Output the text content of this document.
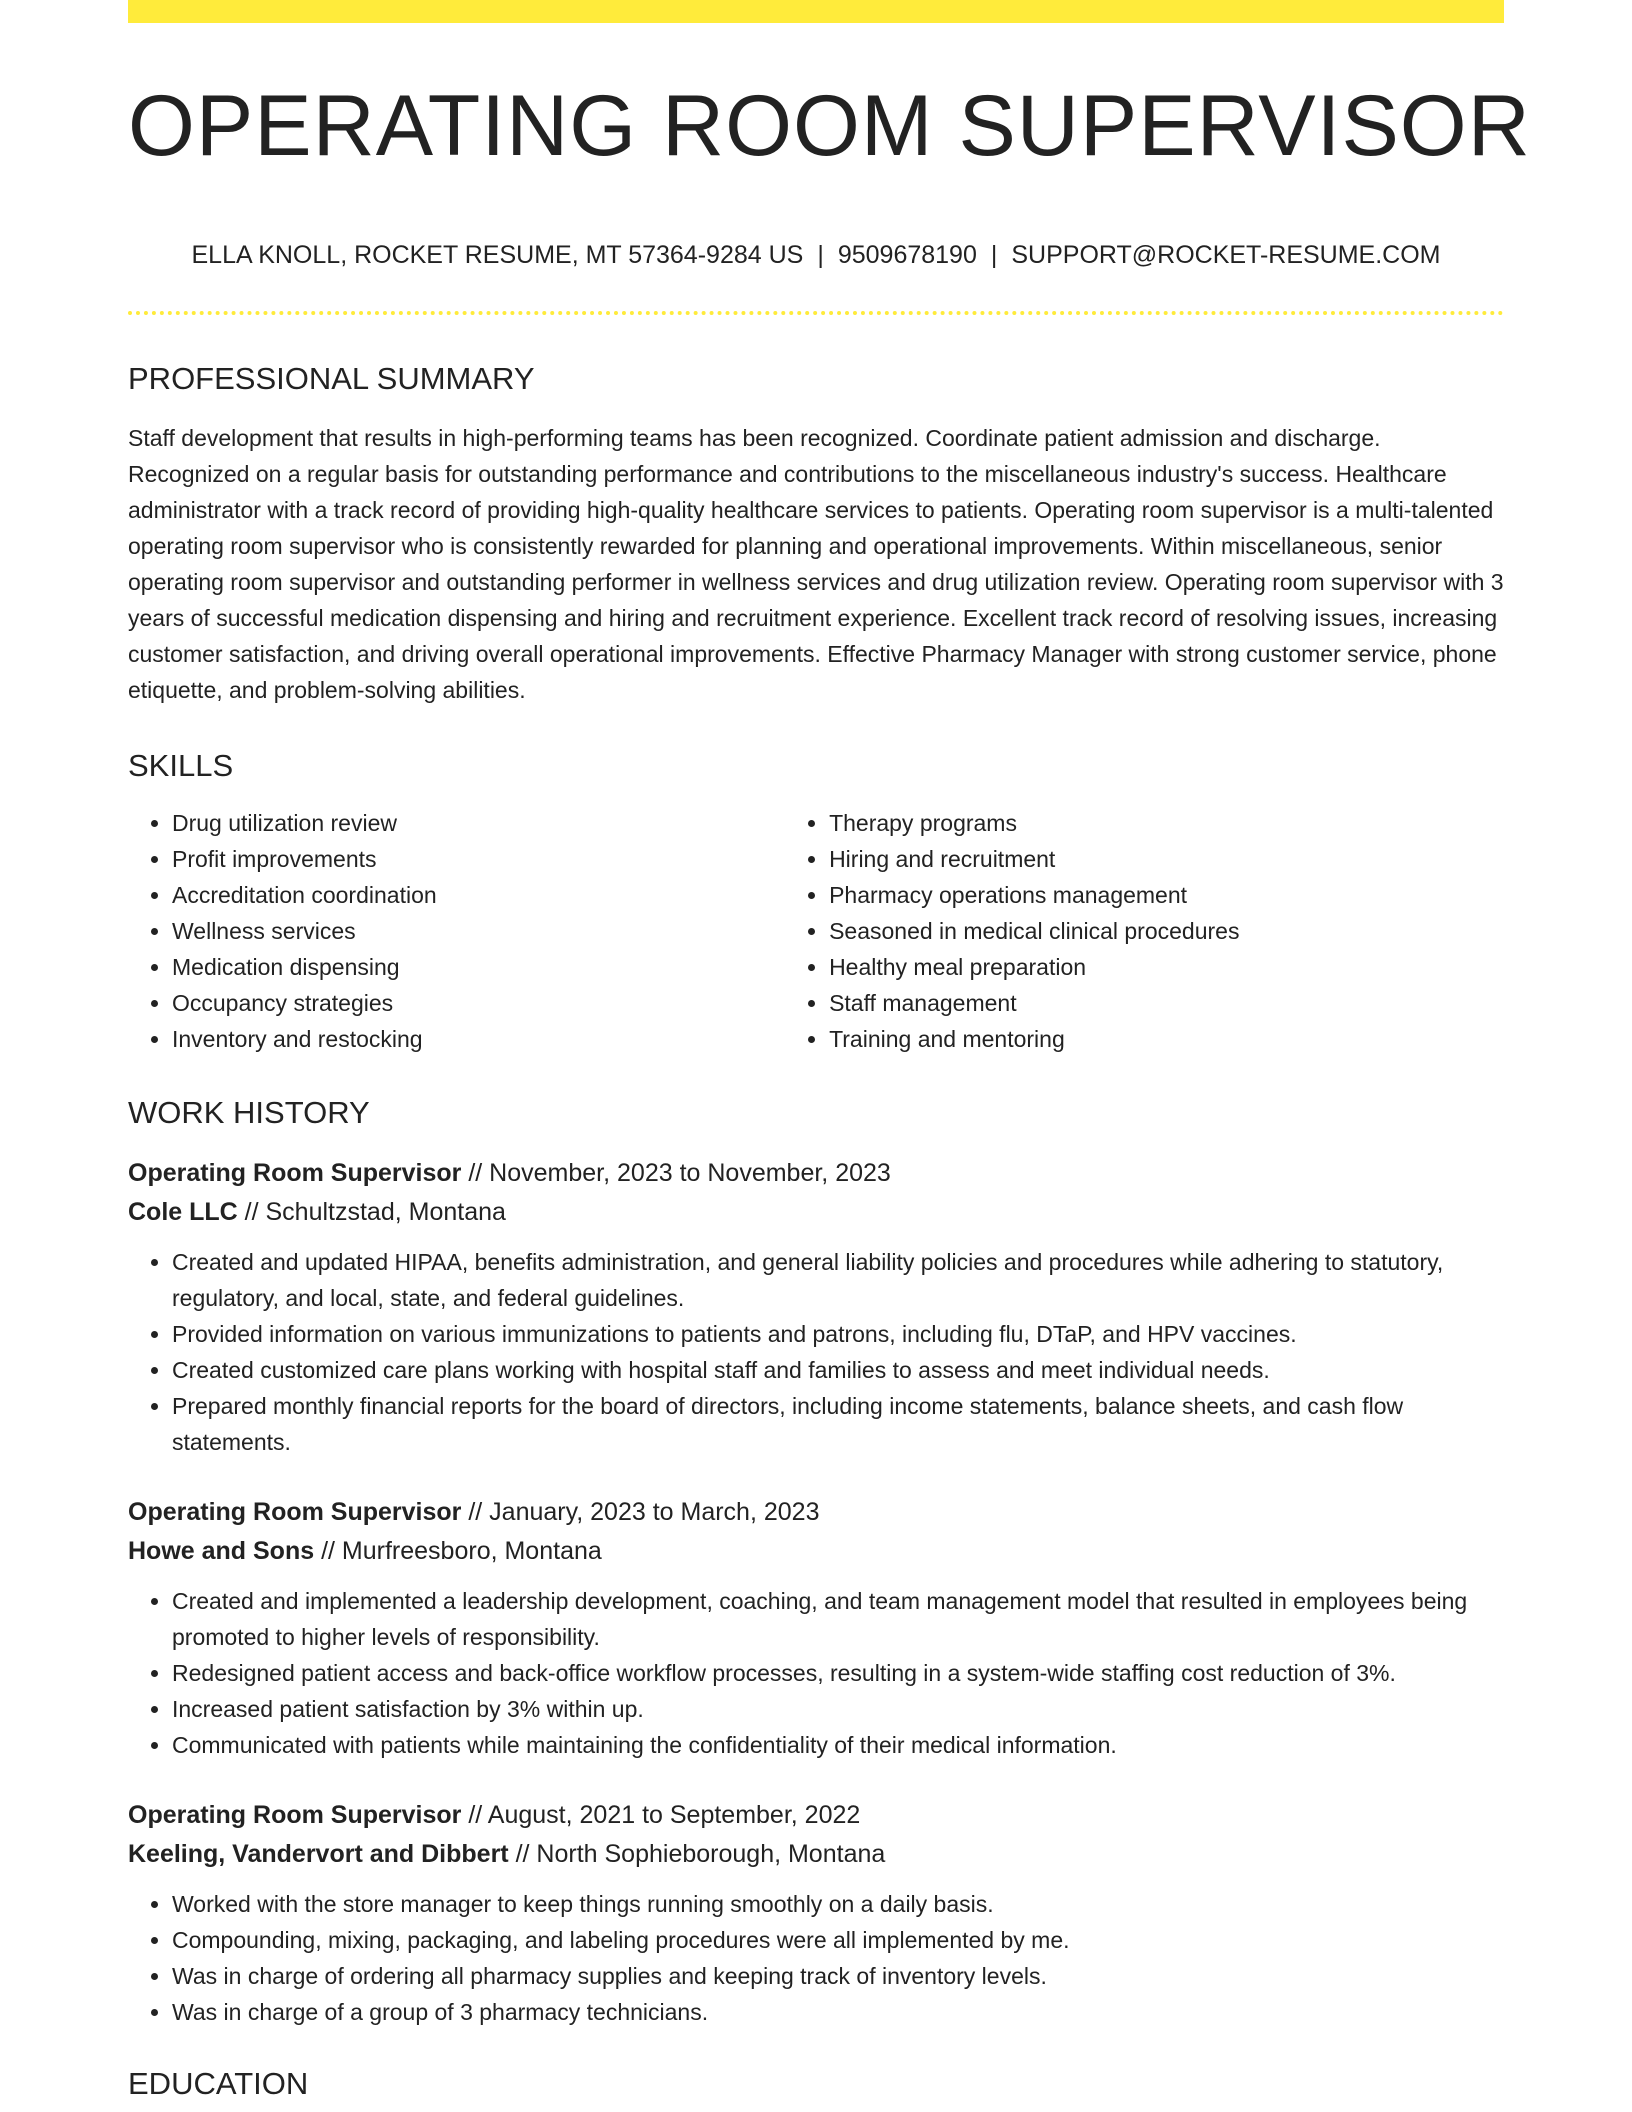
OPERATING ROOM SUPERVISOR
ELLA KNOLL, ROCKET RESUME, MT 57364-9284 US | 9509678190 | SUPPORT@ROCKET-RESUME.COM
PROFESSIONAL SUMMARY
Staff development that results in high-performing teams has been recognized. Coordinate patient admission and discharge. Recognized on a regular basis for outstanding performance and contributions to the miscellaneous industry's success. Healthcare administrator with a track record of providing high-quality healthcare services to patients. Operating room supervisor is a multi-talented operating room supervisor who is consistently rewarded for planning and operational improvements. Within miscellaneous, senior operating room supervisor and outstanding performer in wellness services and drug utilization review. Operating room supervisor with 3 years of successful medication dispensing and hiring and recruitment experience. Excellent track record of resolving issues, increasing customer satisfaction, and driving overall operational improvements. Effective Pharmacy Manager with strong customer service, phone etiquette, and problem-solving abilities.
SKILLS
• Drug utilization review
• Profit improvements
• Accreditation coordination
• Wellness services
• Medication dispensing
• Occupancy strategies
• Inventory and restocking
• Therapy programs
• Hiring and recruitment
• Pharmacy operations management
• Seasoned in medical clinical procedures
• Healthy meal preparation
• Staff management
• Training and mentoring
WORK HISTORY
Operating Room Supervisor // November, 2023 to November, 2023
Cole LLC // Schultzstad, Montana
• Created and updated HIPAA, benefits administration, and general liability policies and procedures while adhering to statutory, regulatory, and local, state, and federal guidelines.
• Provided information on various immunizations to patients and patrons, including flu, DTaP, and HPV vaccines.
• Created customized care plans working with hospital staff and families to assess and meet individual needs.
• Prepared monthly financial reports for the board of directors, including income statements, balance sheets, and cash flow statements.
Operating Room Supervisor // January, 2023 to March, 2023
Howe and Sons // Murfreesboro, Montana
• Created and implemented a leadership development, coaching, and team management model that resulted in employees being promoted to higher levels of responsibility.
• Redesigned patient access and back-office workflow processes, resulting in a system-wide staffing cost reduction of 3%.
• Increased patient satisfaction by 3% within up.
• Communicated with patients while maintaining the confidentiality of their medical information.
Operating Room Supervisor // August, 2021 to September, 2022
Keeling, Vandervort and Dibbert // North Sophieborough, Montana
• Worked with the store manager to keep things running smoothly on a daily basis.
• Compounding, mixing, packaging, and labeling procedures were all implemented by me.
• Was in charge of ordering all pharmacy supplies and keeping track of inventory levels.
• Was in charge of a group of 3 pharmacy technicians.
EDUCATION
